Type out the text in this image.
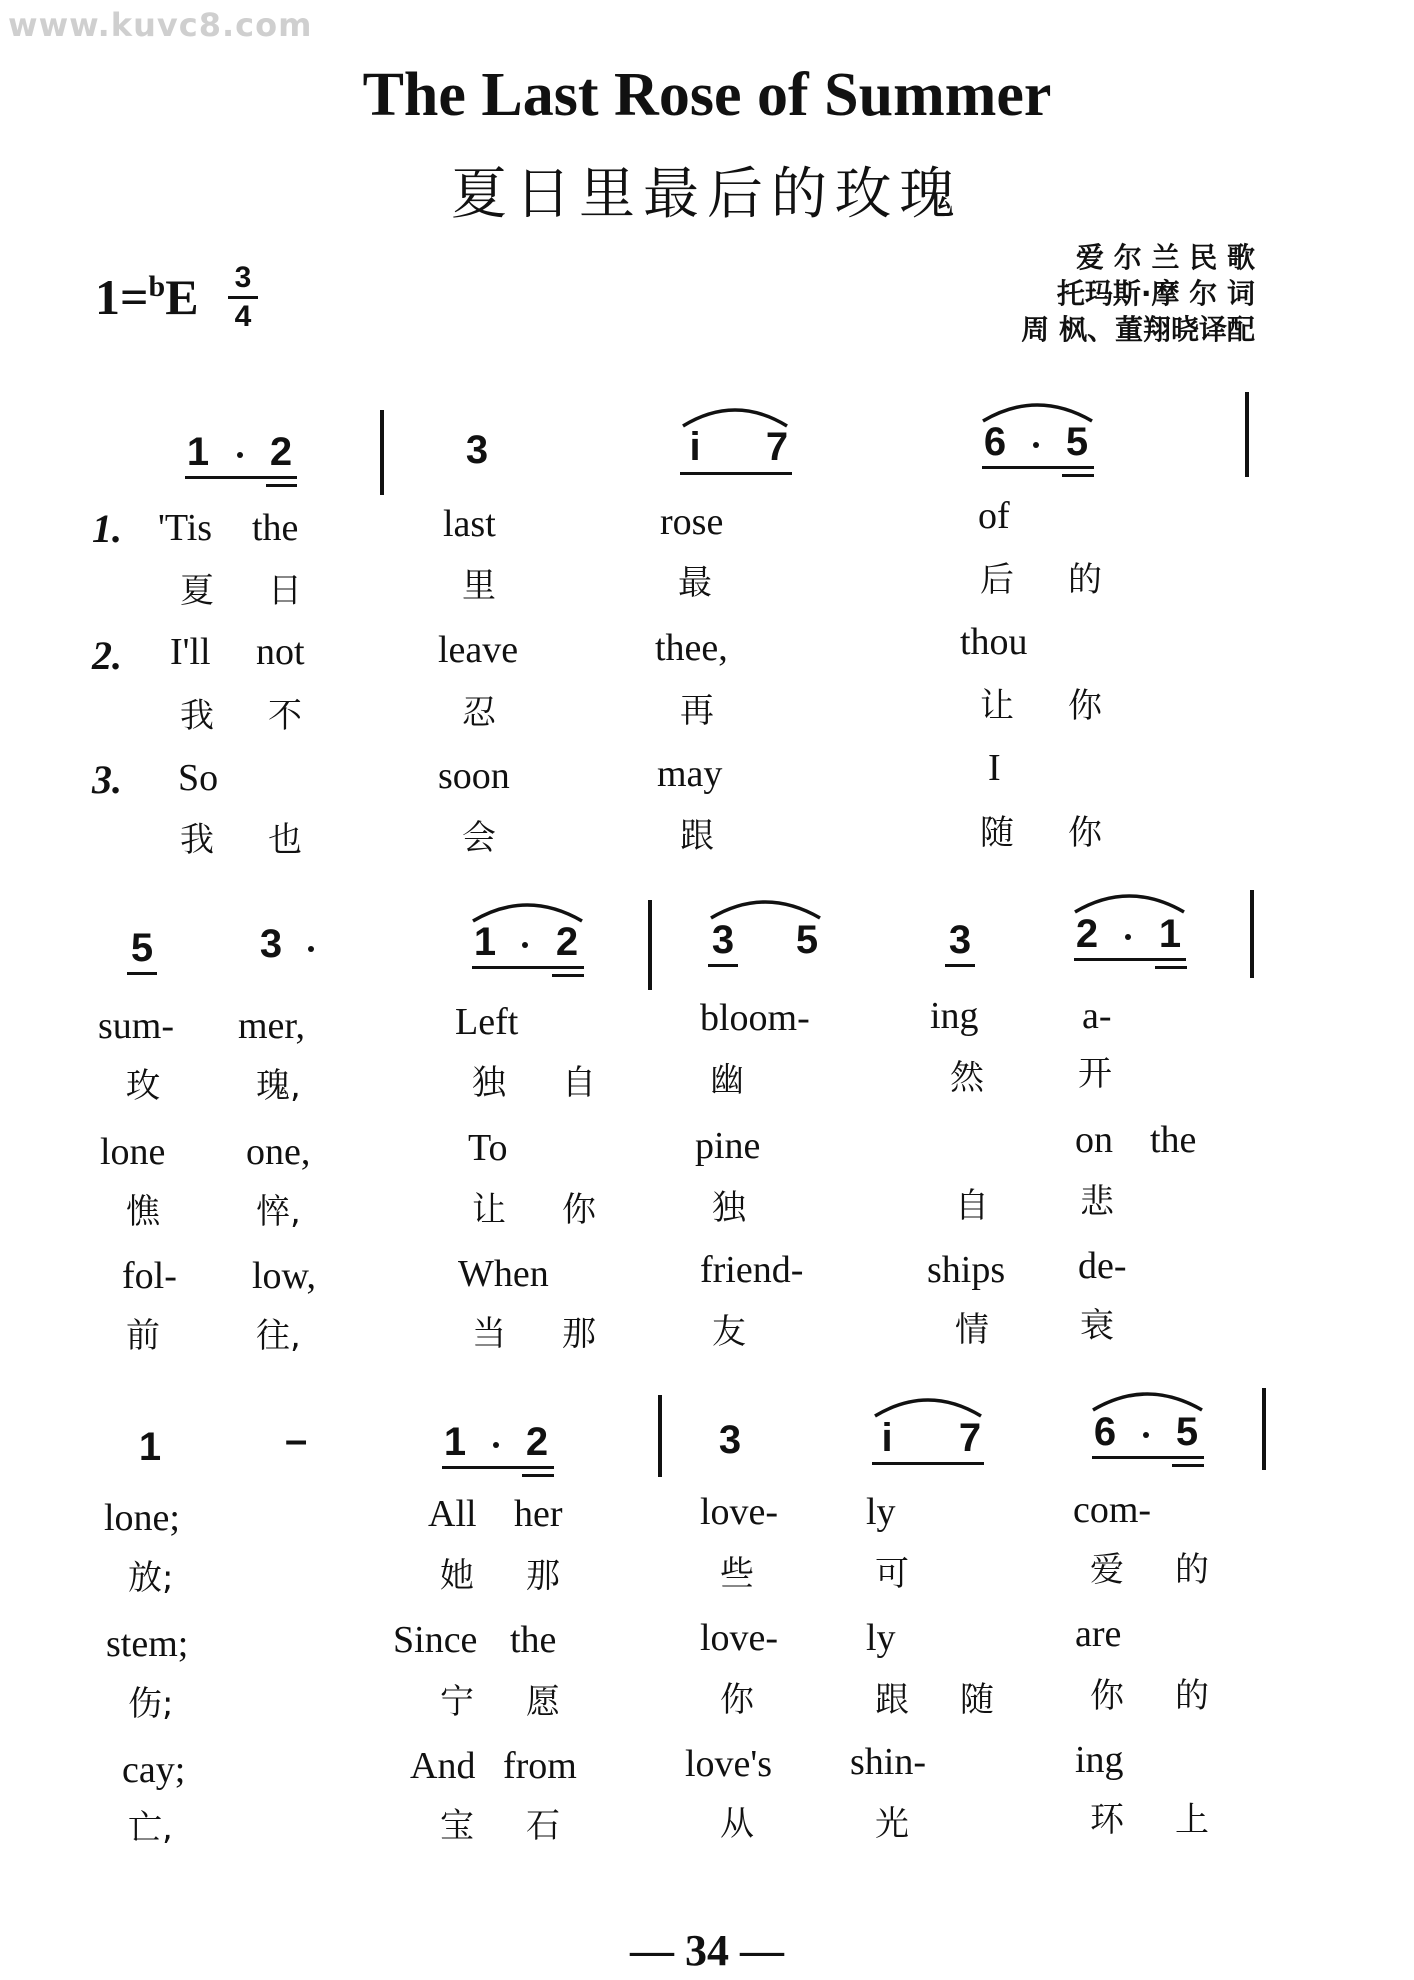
www.kuvc8.com
The Last Rose of Summer
夏日里最后的玫瑰
1=$^b$E 3
4
爱 尔 兰 民 歌
托玛斯·摩 尔 词
周 枫、董翔晓译配
1 2	3	i 7	6 5
1. 'Tis the	last	rose	of
夏 日	里	最	后 的
2. I'll not	leave	thee,	thou
我 不	忍	再	让 你
3. So	soon	may	I
我 也	会	跟	随 你
5	3	1 2	3 5	3	2 1
sum- mer,	Left	bloom-	ing	a-
玫	瑰,	独 自	幽	然	开
lone one,	To	pine	on the
憔	悴,	让 你	独	自	悲
fol- low,	When	friend-	ships de-
前	往,	当 那	友	情	衰
1	–	1 2	3	i 7	6 5
lone;	All her	love- ly	com-
放;	她 那	些	可	爱 的
stem;	Since the	love- ly	are
伤;	宁 愿	你	跟 随	你 的
cay;	And from	love's shin-	ing
亡,	宝 石	从	光	环 上
— 34 —
